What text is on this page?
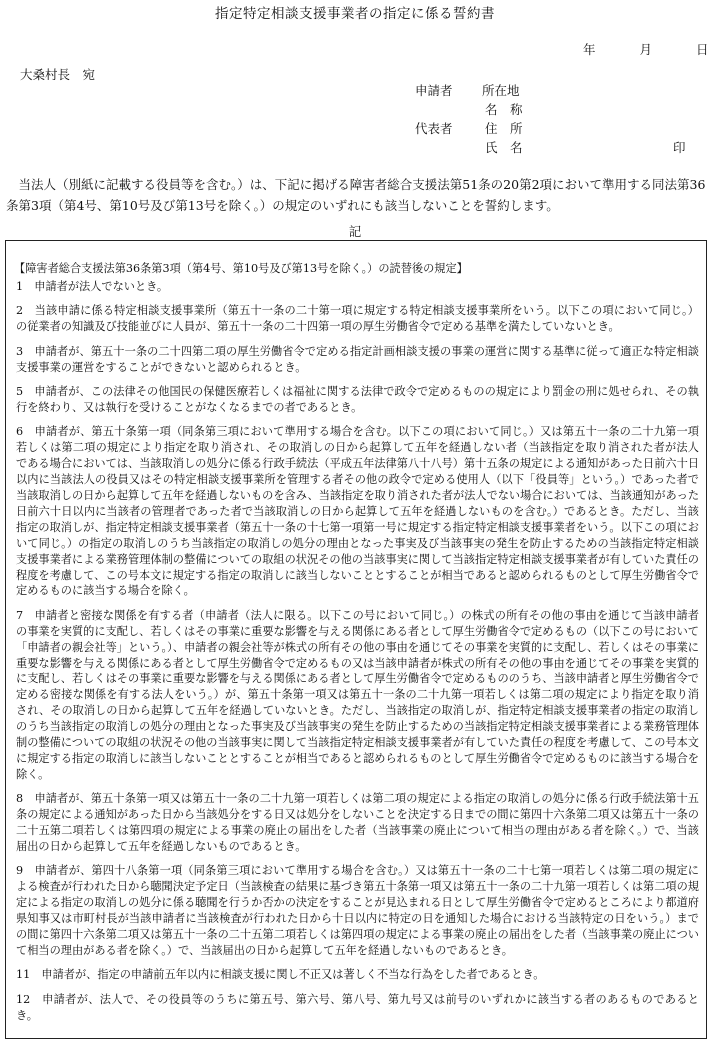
指定特定相談支援事業者の指定に係る誓約書
年	月	日
大桑村長　宛
申請者 所在地
名　称
代表者	住　所
氏　名	印
当法人（別紙に記載する役員等を含む。）は、下記に掲げる障害者総合支援法第51条の20第2項において準用する同法第36条第3項（第4号、第10号及び第13号を除く。）の規定のいずれにも該当しないことを誓約します。
記
【障害者総合支援法第36条第3項（第4号、第10号及び第13号を除く。）の読替後の規定】
1　申請者が法人でないとき。
2　当該申請に係る特定相談支援事業所（第五十一条の二十第一項に規定する特定相談支援事業所をいう。以下この項において同じ。）の従業者の知識及び技能並びに人員が、第五十一条の二十四第一項の厚生労働省令で定める基準を満たしていないとき。
3　申請者が、第五十一条の二十四第二項の厚生労働省令で定める指定計画相談支援の事業の運営に関する基準に従って適正な特定相談支援事業の運営をすることができないと認められるとき。
5　申請者が、この法律その他国民の保健医療若しくは福祉に関する法律で政令で定めるものの規定により罰金の刑に処せられ、その執行を終わり、又は執行を受けることがなくなるまでの者であるとき。
6　申請者が、第五十条第一項（同条第三項において準用する場合を含む。以下この項において同じ。）又は第五十一条の二十九第一項若しくは第二項の規定により指定を取り消され、その取消しの日から起算して五年を経過しない者（当該指定を取り消された者が法人である場合においては、当該取消しの処分に係る行政手続法（平成五年法律第八十八号）第十五条の規定による通知があった日前六十日以内に当該法人の役員又はその特定相談支援事業所を管理する者その他の政令で定める使用人（以下「役員等」という。）であった者で当該取消しの日から起算して五年を経過しないものを含み、当該指定を取り消された者が法人でない場合においては、当該通知があった日前六十日以内に当該者の管理者であった者で当該取消しの日から起算して五年を経過しないものを含む。）であるとき。ただし、当該指定の取消しが、指定特定相談支援事業者（第五十一条の十七第一項第一号に規定する指定特定相談支援事業者をいう。以下この項において同じ。）の指定の取消しのうち当該指定の取消しの処分の理由となった事実及び当該事実の発生を防止するための当該指定特定相談支援事業者による業務管理体制の整備についての取組の状況その他の当該事実に関して当該指定特定相談支援事業者が有していた責任の程度を考慮して、この号本文に規定する指定の取消しに該当しないこととすることが相当であると認められるものとして厚生労働省令で定めるものに該当する場合を除く。
7　申請者と密接な関係を有する者（申請者（法人に限る。以下この号において同じ。）の株式の所有その他の事由を通じて当該申請者の事業を実質的に支配し、若しくはその事業に重要な影響を与える関係にある者として厚生労働省令で定めるもの（以下この号において「申請者の親会社等」という。）、申請者の親会社等が株式の所有その他の事由を通じてその事業を実質的に支配し、若しくはその事業に重要な影響を与える関係にある者として厚生労働省令で定めるもの又は当該申請者が株式の所有その他の事由を通じてその事業を実質的に支配し、若しくはその事業に重要な影響を与える関係にある者として厚生労働省令で定めるもののうち、当該申請者と厚生労働省令で定める密接な関係を有する法人をいう。）が、第五十条第一項又は第五十一条の二十九第一項若しくは第二項の規定により指定を取り消され、その取消しの日から起算して五年を経過していないとき。ただし、当該指定の取消しが、指定特定相談支援事業者の指定の取消しのうち当該指定の取消しの処分の理由となった事実及び当該事実の発生を防止するための当該指定特定相談支援事業者による業務管理体制の整備についての取組の状況その他の当該事実に関して当該指定特定相談支援事業者が有していた責任の程度を考慮して、この号本文に規定する指定の取消しに該当しないこととすることが相当であると認められるものとして厚生労働省令で定めるものに該当する場合を除く。
8　申請者が、第五十条第一項又は第五十一条の二十九第一項若しくは第二項の規定による指定の取消しの処分に係る行政手続法第十五条の規定による通知があった日から当該処分をする日又は処分をしないことを決定する日までの間に第四十六条第二項又は第五十一条の二十五第二項若しくは第四項の規定による事業の廃止の届出をした者（当該事業の廃止について相当の理由がある者を除く。）で、当該届出の日から起算して五年を経過しないものであるとき。
9　申請者が、第四十八条第一項（同条第三項において準用する場合を含む。）又は第五十一条の二十七第一項若しくは第二項の規定による検査が行われた日から聴聞決定予定日（当該検査の結果に基づき第五十条第一項又は第五十一条の二十九第一項若しくは第二項の規定による指定の取消しの処分に係る聴聞を行うか否かの決定をすることが見込まれる日として厚生労働省令で定めるところにより都道府県知事又は市町村長が当該申請者に当該検査が行われた日から十日以内に特定の日を通知した場合における当該特定の日をいう。）までの間に第四十六条第二項又は第五十一条の二十五第二項若しくは第四項の規定による事業の廃止の届出をした者（当該事業の廃止について相当の理由がある者を除く。）で、当該届出の日から起算して五年を経過しないものであるとき。
11　申請者が、指定の申請前五年以内に相談支援に関し不正又は著しく不当な行為をした者であるとき。
12　申請者が、法人で、その役員等のうちに第五号、第六号、第八号、第九号又は前号のいずれかに該当する者のあるものであるとき。
